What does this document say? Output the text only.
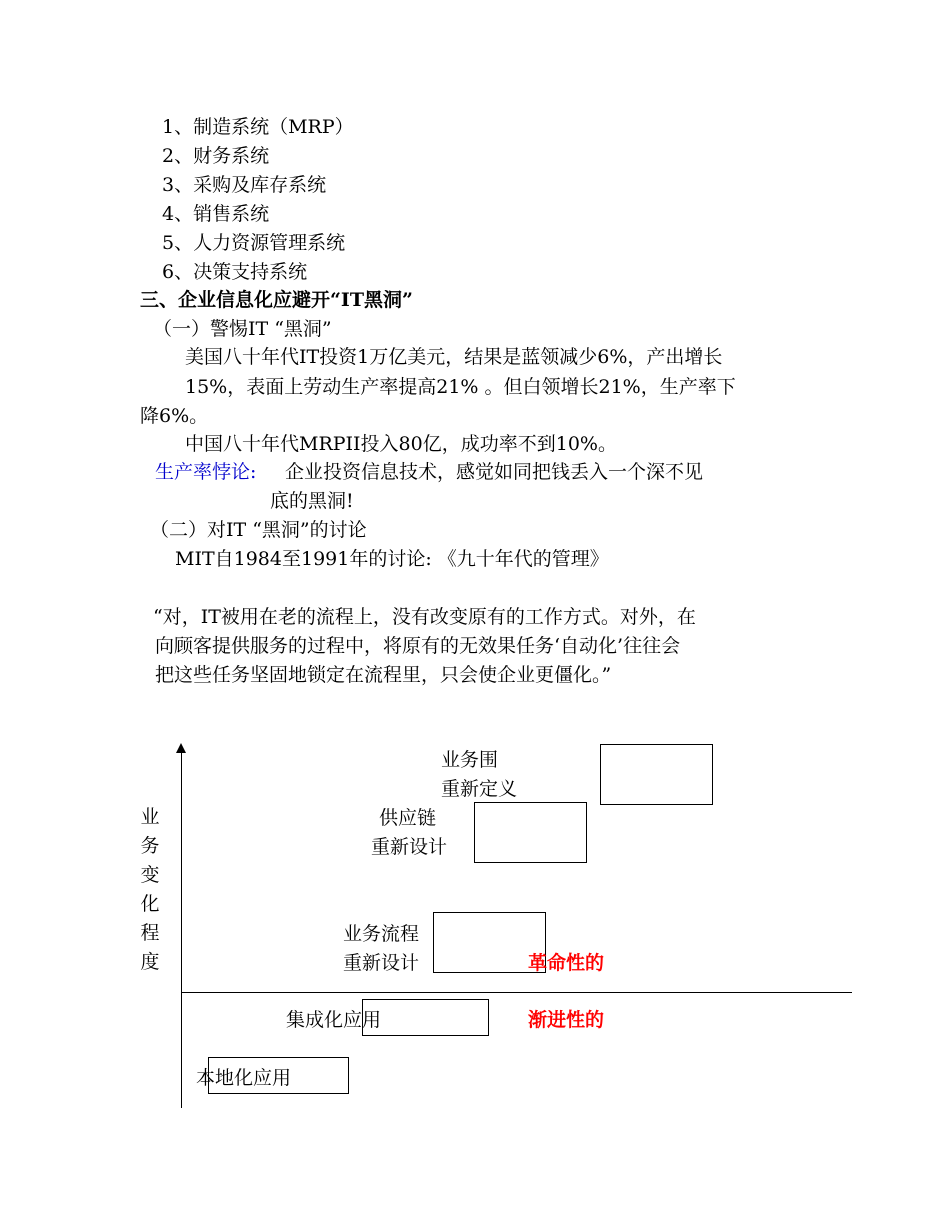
1、制造系统（MRP）
2、财务系统
3、采购及库存系统
4、销售系统
5、人力资源管理系统
6、决策支持系统
三、企业信息化应避开“IT黑洞”
（一）警惕IT “黑洞”
美国八十年代IT投资1万亿美元，结果是蓝领减少6%，产出增长
15%，表面上劳动生产率提高21% 。但白领增长21%，生产率下
降6%。
中国八十年代MRPII投入80亿，成功率不到10%。
生产率悖论: 企业投资信息技术，感觉如同把钱丢入一个深不见
底的黑洞!
（二）对IT “黑洞”的讨论
MIT自1984至1991年的讨论: 《九十年代的管理》
“对，IT被用在老的流程上，没有改变原有的工作方式。对外，在
向顾客提供服务的过程中，将原有的无效果任务‘自动化’往往会
把这些任务坚固地锁定在流程里，只会使企业更僵化。”
业
务
变
化
程
度
业务围
重新定义
供应链
重新设计
业务流程
重新设计	革命性的
集成化应用	渐进性的
本地化应用
